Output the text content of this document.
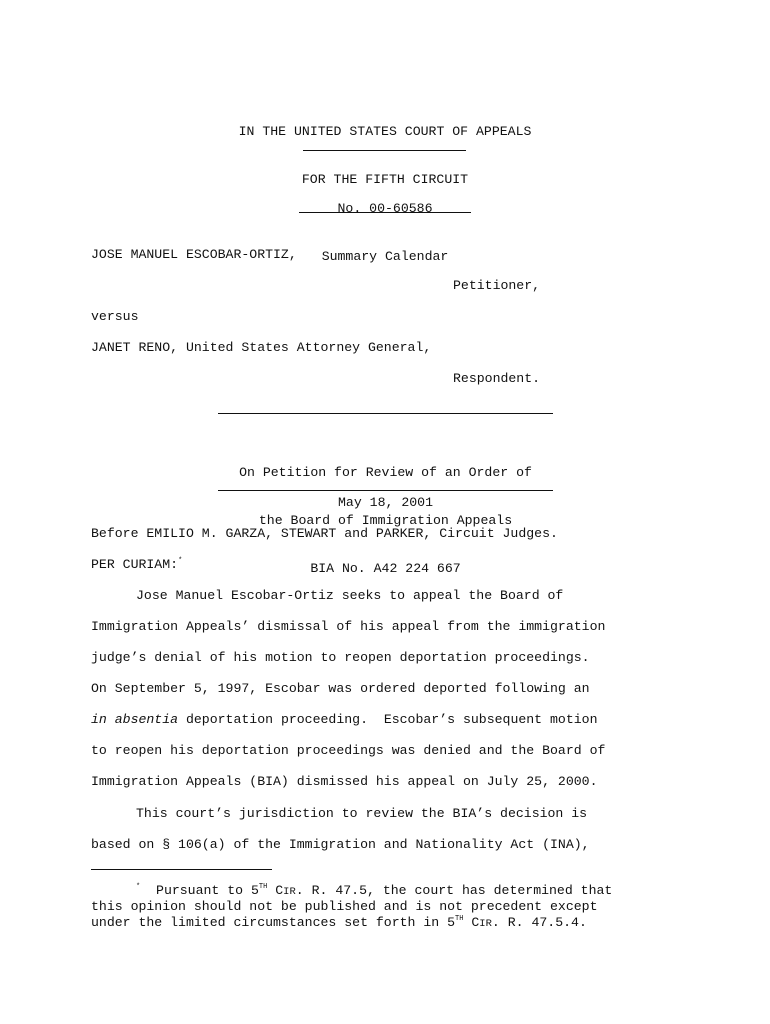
IN THE UNITED STATES COURT OF APPEALS

FOR THE FIFTH CIRCUIT

No. 00-60586

Summary Calendar

JOSE MANUEL ESCOBAR-ORTIZ,
Petitioner,
versus
JANET RENO, United States Attorney General,
Respondent.

On Petition for Review of an Order of

the Board of Immigration Appeals

BIA No. A42 224 667

May 18, 2001
Before EMILIO M. GARZA, STEWART and PARKER, Circuit Judges.
PER CURIAM:*
Jose Manuel Escobar-Ortiz seeks to appeal the Board of
Immigration Appeals’ dismissal of his appeal from the immigration
judge’s denial of his motion to reopen deportation proceedings.
On September 5, 1997, Escobar was ordered deported following an
in absentia deportation proceeding.  Escobar’s subsequent motion
to reopen his deportation proceedings was denied and the Board of
Immigration Appeals (BIA) dismissed his appeal on July 25, 2000.
This court’s jurisdiction to review the BIA’s decision is
based on § 106(a) of the Immigration and Nationality Act (INA),
* Pursuant to 5TH CIR. R. 47.5, the court has determined that
this opinion should not be published and is not precedent except
under the limited circumstances set forth in 5TH CIR. R. 47.5.4.
